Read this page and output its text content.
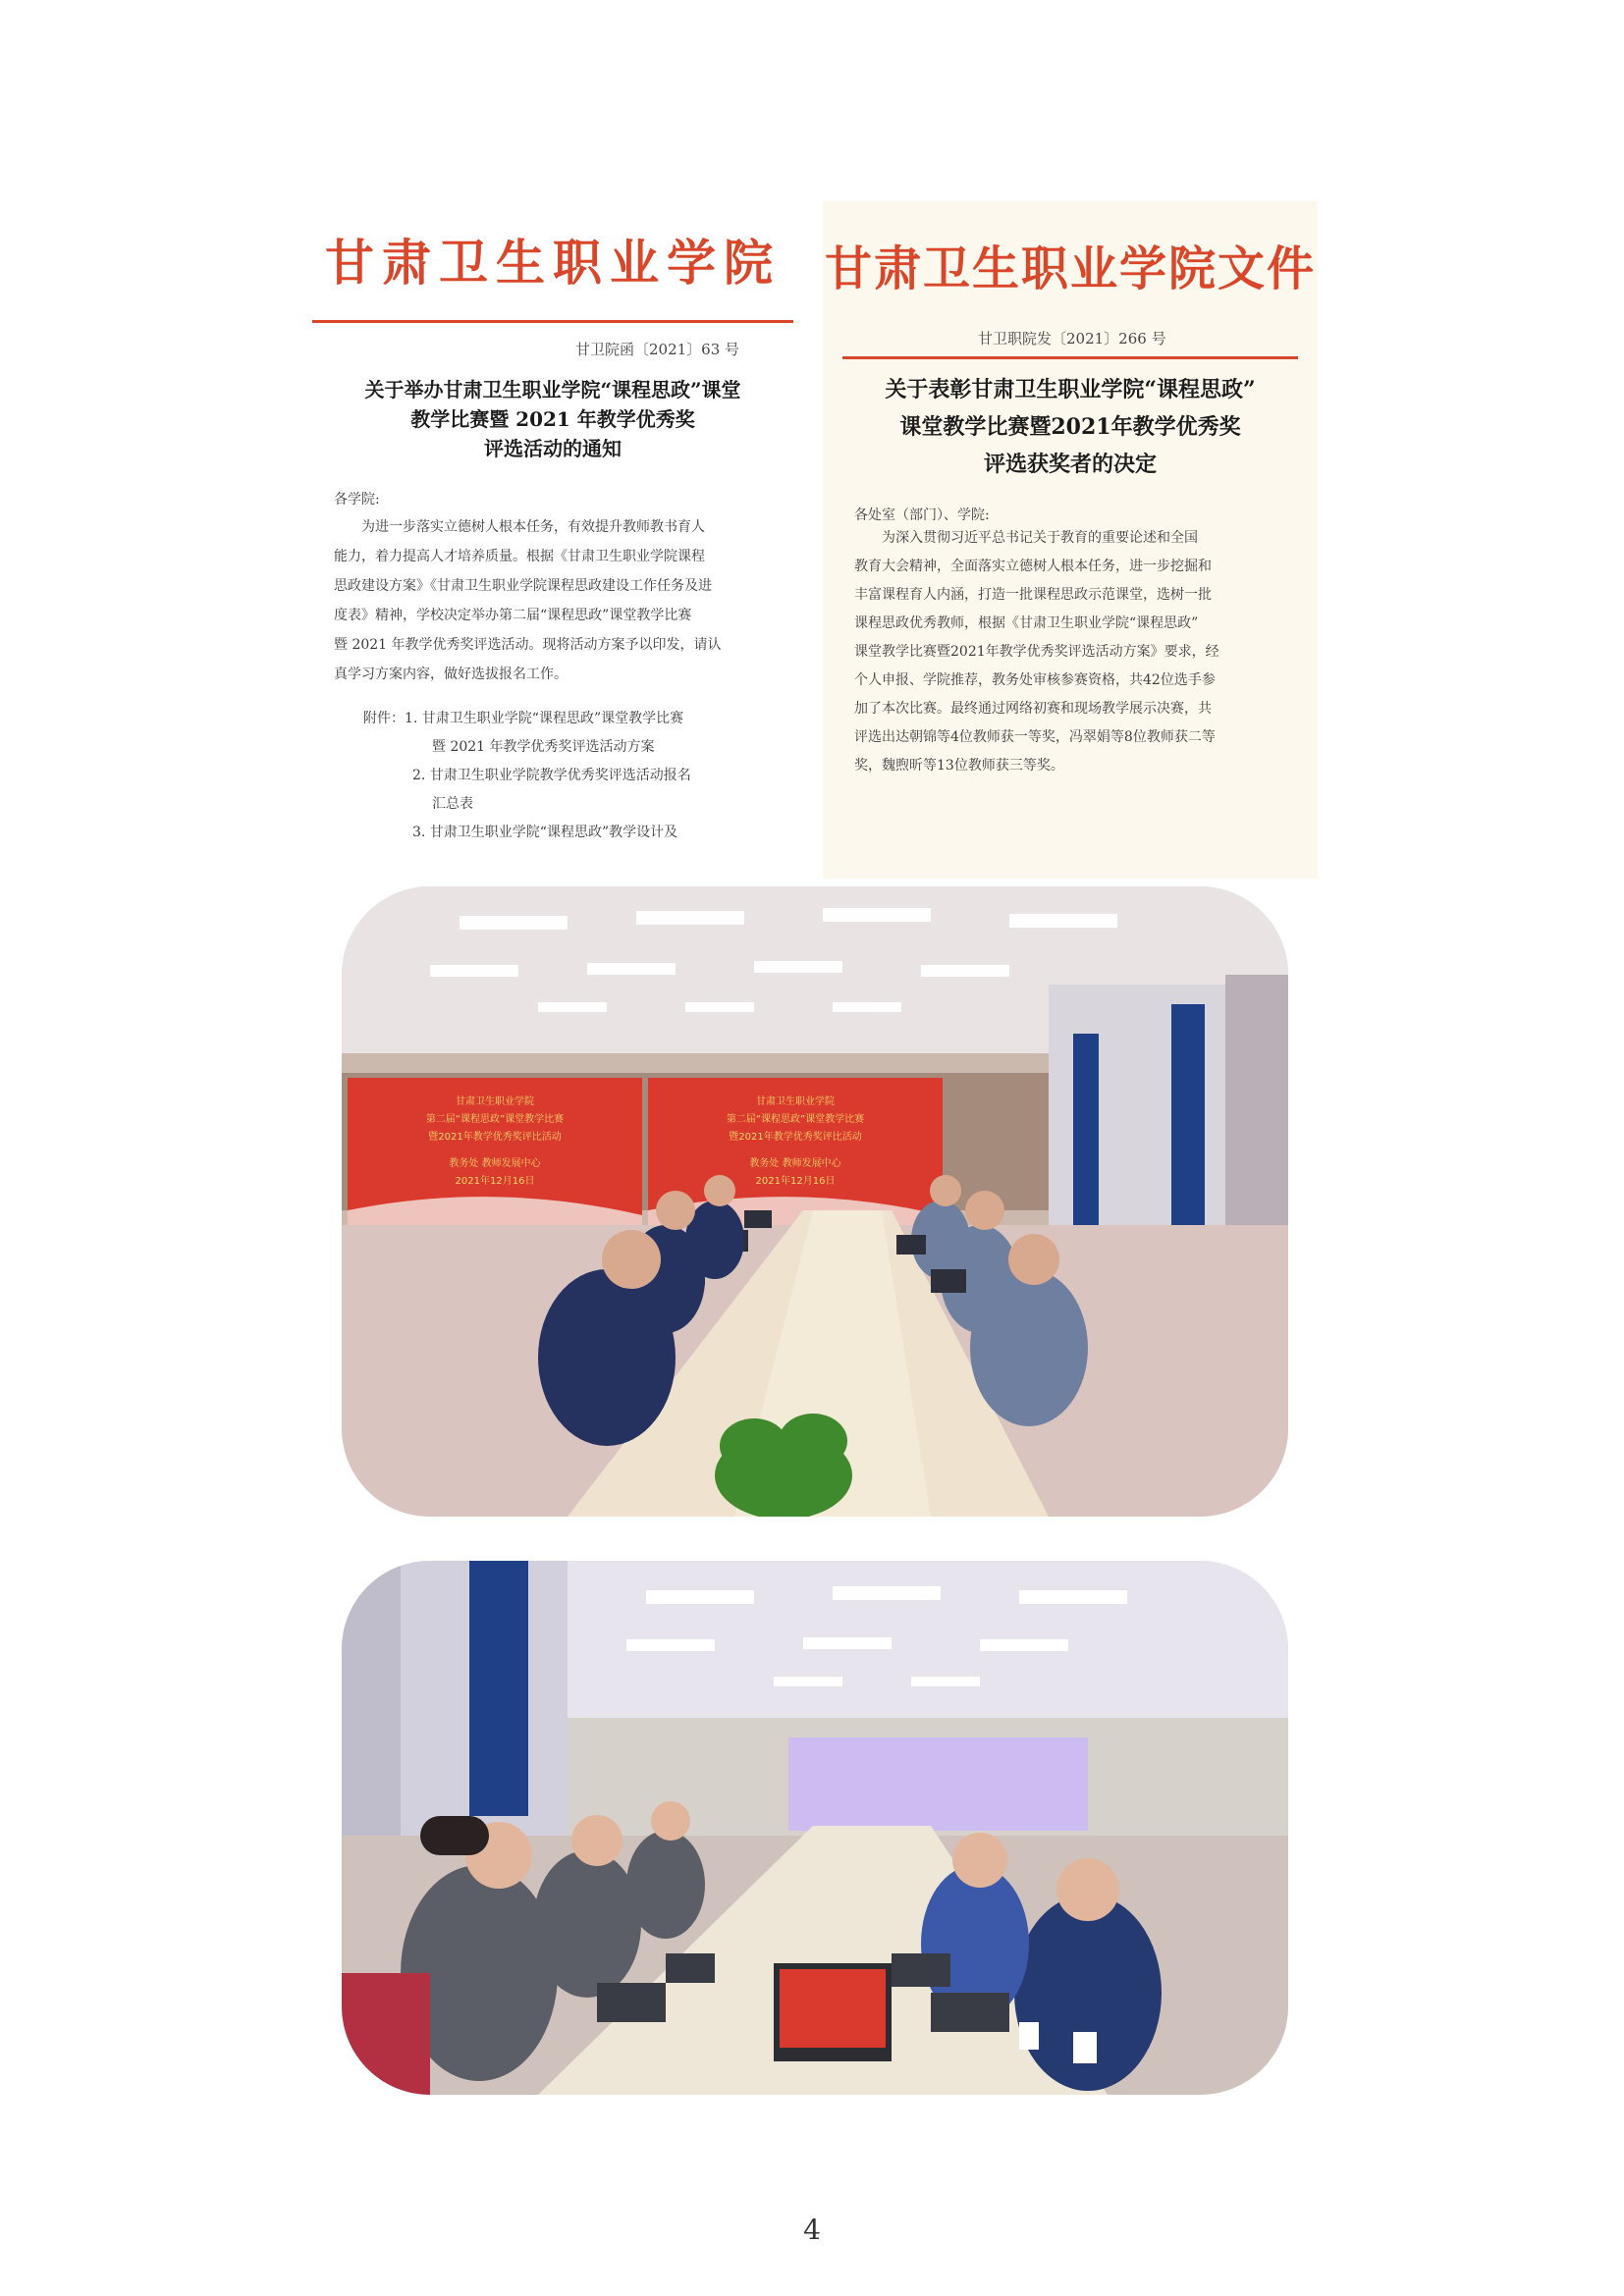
甘肃卫生职业学院
甘卫院函〔2021〕63 号
关于举办甘肃卫生职业学院“课程思政”课堂
教学比赛暨 2021 年教学优秀奖
评选活动的通知
各学院:
为进一步落实立德树人根本任务，有效提升教师教书育人
能力，着力提高人才培养质量。根据《甘肃卫生职业学院课程
思政建设方案》《甘肃卫生职业学院课程思政建设工作任务及进
度表》精神，学校决定举办第二届“课程思政”课堂教学比赛
暨 2021 年教学优秀奖评选活动。现将活动方案予以印发，请认
真学习方案内容，做好选拔报名工作。
附件：1. 甘肃卫生职业学院“课程思政”课堂教学比赛
暨 2021 年教学优秀奖评选活动方案
2. 甘肃卫生职业学院教学优秀奖评选活动报名
汇总表
3. 甘肃卫生职业学院“课程思政”教学设计及
甘肃卫生职业学院文件
甘卫职院发〔2021〕266 号
关于表彰甘肃卫生职业学院“课程思政”
课堂教学比赛暨2021年教学优秀奖
评选获奖者的决定
各处室（部门）、学院:
为深入贯彻习近平总书记关于教育的重要论述和全国
教育大会精神，全面落实立德树人根本任务，进一步挖掘和
丰富课程育人内涵，打造一批课程思政示范课堂，选树一批
课程思政优秀教师，根据《甘肃卫生职业学院“课程思政”
课堂教学比赛暨2021年教学优秀奖评选活动方案》要求，经
个人申报、学院推荐，教务处审核参赛资格，共42位选手参
加了本次比赛。最终通过网络初赛和现场教学展示决赛，共
评选出达朝锦等4位教师获一等奖，冯翠娟等8位教师获二等
奖，魏煦昕等13位教师获三等奖。
甘肃卫生职业学院
第二届“课程思政”课堂教学比赛
暨2021年教学优秀奖评比活动
教务处 教师发展中心
2021年12月16日
甘肃卫生职业学院
第二届“课程思政”课堂教学比赛
暨2021年教学优秀奖评比活动
教务处 教师发展中心
2021年12月16日
4
